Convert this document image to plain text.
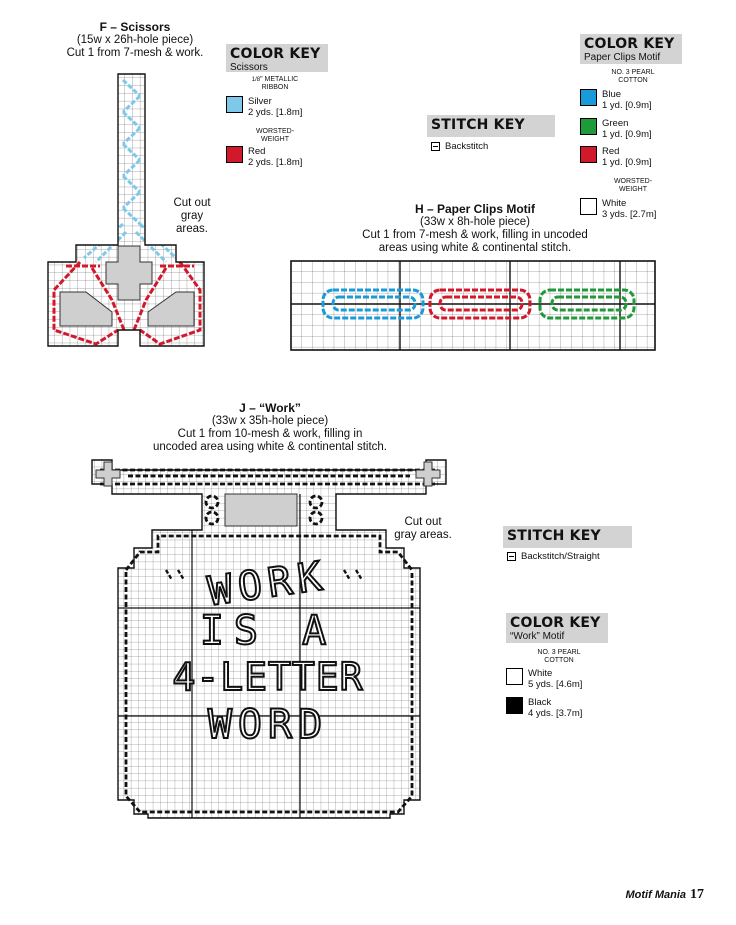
F – Scissors
(15w x 26h-hole piece)
Cut 1 from 7-mesh & work.
Cut out
gray
areas.
COLOR KEY
Scissors
1/8" METALLIC
RIBBON
Silver
2 yds. [1.8m]
WORSTED-
WEIGHT
Red
2 yds. [1.8m]
STITCH KEY
Backstitch
COLOR KEY
Paper Clips Motif
NO. 3 PEARL
COTTON
Blue
1 yd. [0.9m]
Green
1 yd. [0.9m]
Red
1 yd. [0.9m]
WORSTED-
WEIGHT
White
3 yds. [2.7m]
H – Paper Clips Motif
(33w x 8h-hole piece)
Cut 1 from 7-mesh & work, filling in uncoded
areas using white & continental stitch.
J – “Work”
(33w x 35h-hole piece)
Cut 1 from 10-mesh & work, filling in
uncoded area using white & continental stitch.
WORK
IS A
4-LETTER
WORD
Cut out
gray areas.	STITCH KEY
Backstitch/Straight
COLOR KEY
“Work” Motif
NO. 3 PEARL
COTTON
White
5 yds. [4.6m]
Black
4 yds. [3.7m]
Motif Mania 17
